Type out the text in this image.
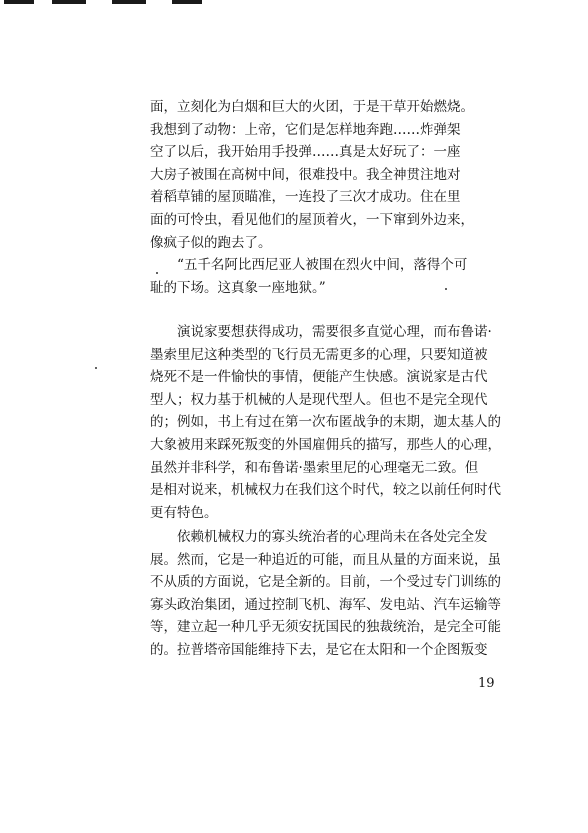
面，立刻化为白烟和巨大的火团，于是干草开始燃烧。
我想到了动物：上帝，它们是怎样地奔跑……炸弹架
空了以后，我开始用手投弹……真是太好玩了：一座
大房子被围在高树中间，很难投中。我全神贯注地对
着稻草铺的屋顶瞄准，一连投了三次才成功。住在里
面的可怜虫，看见他们的屋顶着火，一下窜到外边来，
像疯子似的跑去了。
“五千名阿比西尼亚人被围在烈火中间，落得个可
耻的下场。这真象一座地狱。”
演说家要想获得成功，需要很多直觉心理，而布鲁诺·
墨索里尼这种类型的飞行员无需更多的心理，只要知道被
烧死不是一件愉快的事情，便能产生快感。演说家是古代
型人；权力基于机械的人是现代型人。但也不是完全现代
的；例如，书上有过在第一次布匿战争的末期，迦太基人的
大象被用来踩死叛变的外国雇佣兵的描写，那些人的心理，
虽然并非科学，和布鲁诺·墨索里尼的心理毫无二致。但
是相对说来，机械权力在我们这个时代，较之以前任何时代
更有特色。
依赖机械权力的寡头统治者的心理尚未在各处完全发
展。然而，它是一种追近的可能，而且从量的方面来说，虽
不从质的方面说，它是全新的。目前，一个受过专门训练的
寡头政治集团，通过控制飞机、海军、发电站、汽车运输等
等，建立起一种几乎无须安抚国民的独裁统治，是完全可能
的。拉普塔帝国能维持下去，是它在太阳和一个企图叛变
19
